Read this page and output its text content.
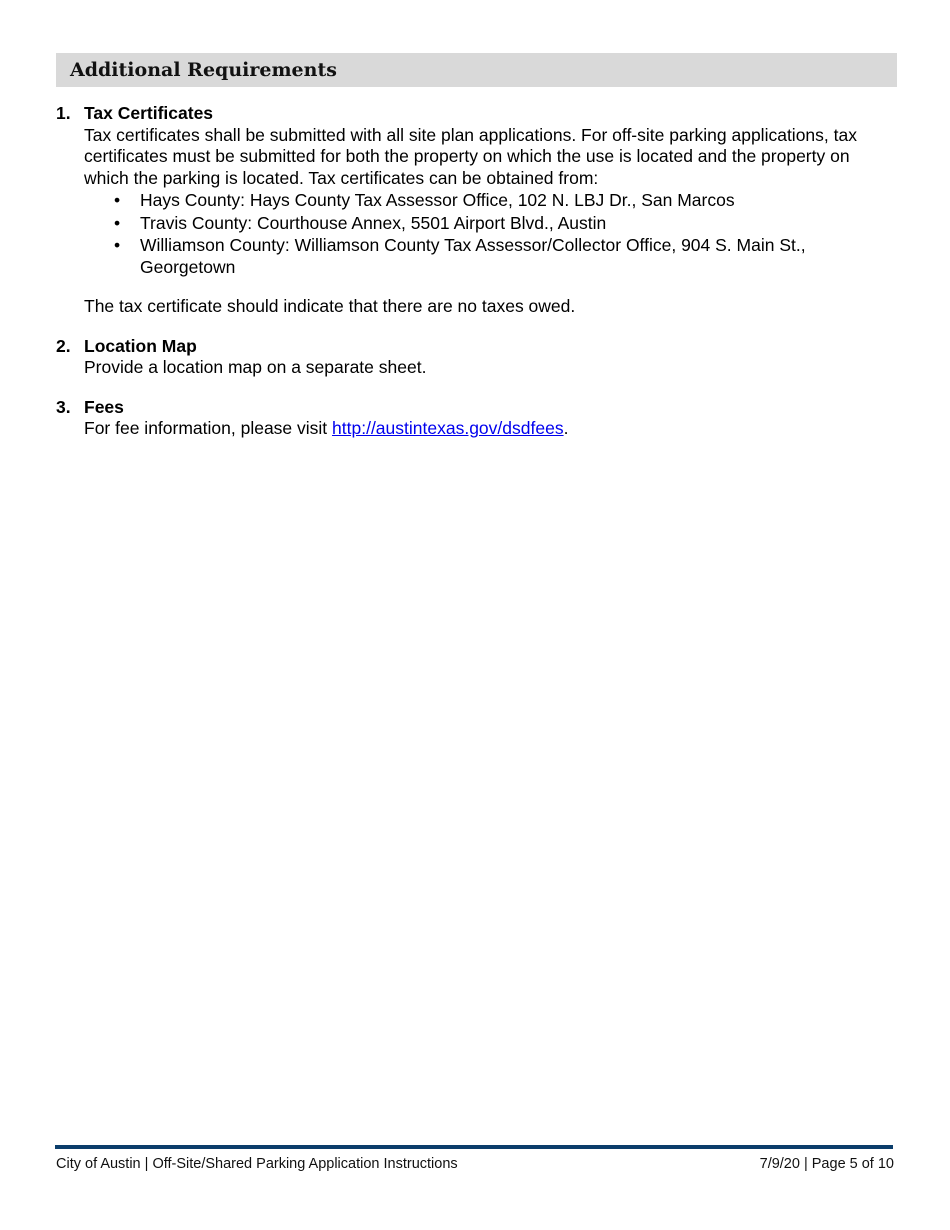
Additional Requirements
1. Tax Certificates

Tax certificates shall be submitted with all site plan applications. For off-site parking applications, tax certificates must be submitted for both the property on which the use is located and the property on which the parking is located. Tax certificates can be obtained from:

• Hays County: Hays County Tax Assessor Office, 102 N. LBJ Dr., San Marcos
• Travis County: Courthouse Annex, 5501 Airport Blvd., Austin
• Williamson County: Williamson County Tax Assessor/Collector Office, 904 S. Main St., Georgetown

The tax certificate should indicate that there are no taxes owed.

2. Location Map

Provide a location map on a separate sheet.

3. Fees

For fee information, please visit http://austintexas.gov/dsdfees.

City of Austin | Off-Site/Shared Parking Application Instructions	7/9/20 | Page 5 of 10
